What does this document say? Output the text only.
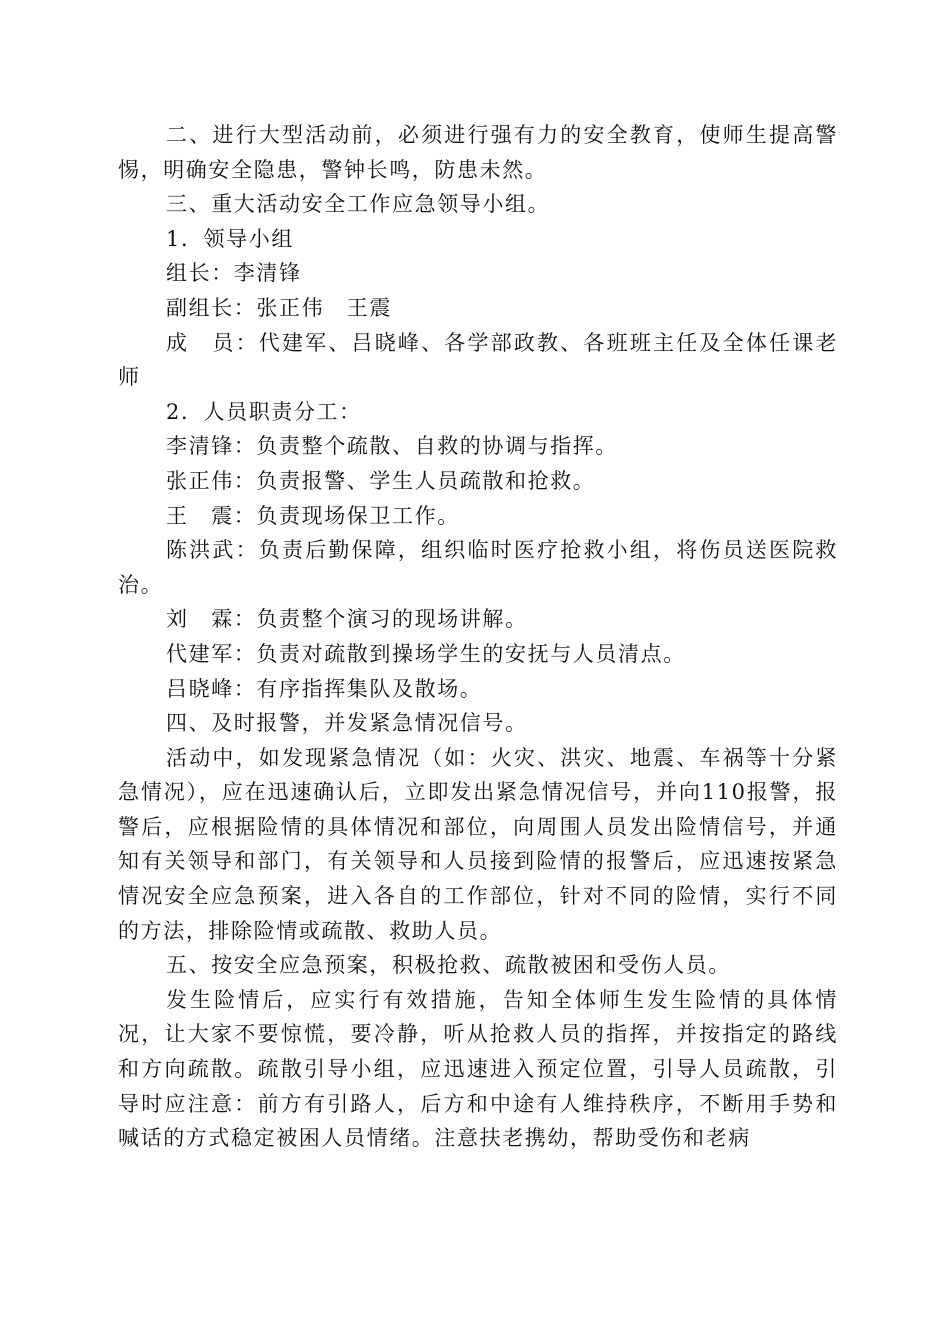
二、进行大型活动前，必须进行强有力的安全教育，使师生提高警惕，明确安全隐患，警钟长鸣，防患未然。

三、重大活动安全工作应急领导小组。

1．领导小组

组长：李清锋

副组长：张正伟　王震

成　员：代建军、吕晓峰、各学部政教、各班班主任及全体任课老师

2．人员职责分工：

李清锋：负责整个疏散、自救的协调与指挥。

张正伟：负责报警、学生人员疏散和抢救。

王　震：负责现场保卫工作。

陈洪武：负责后勤保障，组织临时医疗抢救小组，将伤员送医院救治。

刘　霖：负责整个演习的现场讲解。

代建军：负责对疏散到操场学生的安抚与人员清点。

吕晓峰：有序指挥集队及散场。

四、及时报警，并发紧急情况信号。

活动中，如发现紧急情况（如：火灾、洪灾、地震、车祸等十分紧急情况），应在迅速确认后，立即发出紧急情况信号，并向110报警，报警后，应根据险情的具体情况和部位，向周围人员发出险情信号，并通知有关领导和部门，有关领导和人员接到险情的报警后，应迅速按紧急情况安全应急预案，进入各自的工作部位，针对不同的险情，实行不同的方法，排除险情或疏散、救助人员。

五、按安全应急预案，积极抢救、疏散被困和受伤人员。

发生险情后，应实行有效措施，告知全体师生发生险情的具体情况，让大家不要惊慌，要冷静，听从抢救人员的指挥，并按指定的路线和方向疏散。疏散引导小组，应迅速进入预定位置，引导人员疏散，引导时应注意：前方有引路人，后方和中途有人维持秩序，不断用手势和喊话的方式稳定被困人员情绪。注意扶老携幼，帮助受伤和老病
